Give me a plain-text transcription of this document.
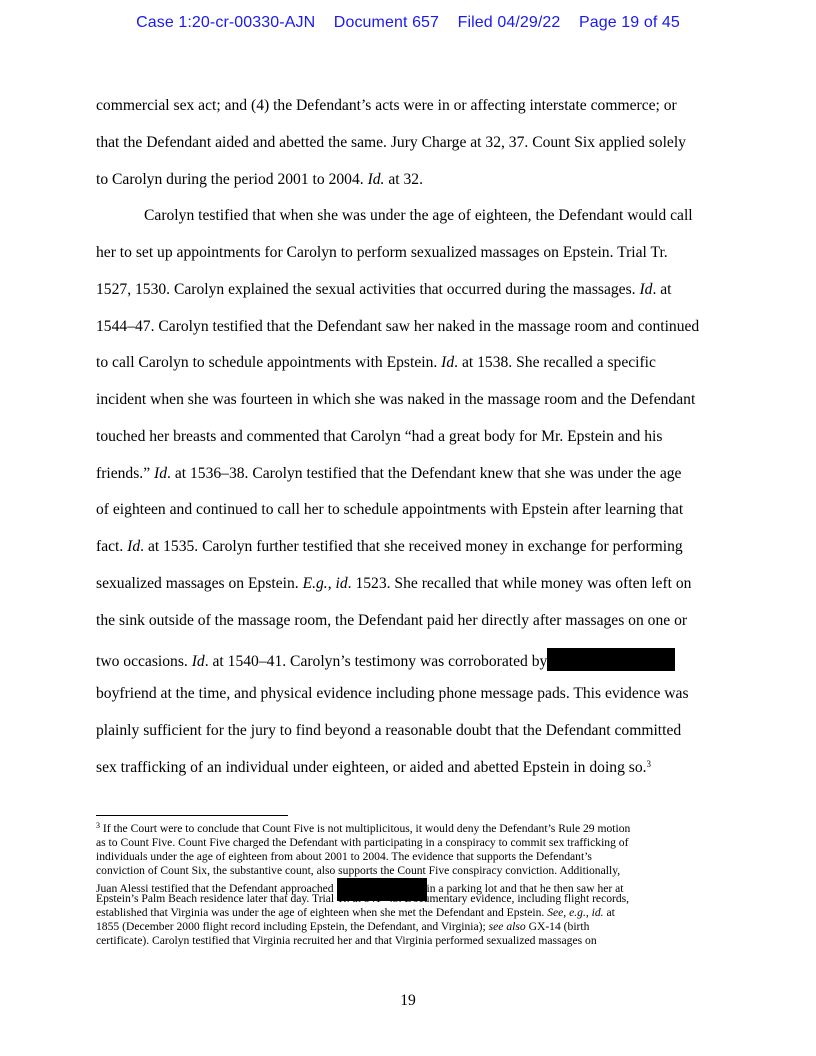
Case 1:20-cr-00330-AJN Document 657 Filed 04/29/22 Page 19 of 45
commercial sex act; and (4) the Defendant’s acts were in or affecting interstate commerce; or
that the Defendant aided and abetted the same. Jury Charge at 32, 37. Count Six applied solely
to Carolyn during the period 2001 to 2004. Id. at 32.
Carolyn testified that when she was under the age of eighteen, the Defendant would call
her to set up appointments for Carolyn to perform sexualized massages on Epstein. Trial Tr.
1527, 1530. Carolyn explained the sexual activities that occurred during the massages. Id. at
1544–47. Carolyn testified that the Defendant saw her naked in the massage room and continued
to call Carolyn to schedule appointments with Epstein. Id. at 1538. She recalled a specific
incident when she was fourteen in which she was naked in the massage room and the Defendant
touched her breasts and commented that Carolyn “had a great body for Mr. Epstein and his
friends.” Id. at 1536–38. Carolyn testified that the Defendant knew that she was under the age
of eighteen and continued to call her to schedule appointments with Epstein after learning that
fact. Id. at 1535. Carolyn further testified that she received money in exchange for performing
sexualized massages on Epstein. E.g., id. 1523. She recalled that while money was often left on
the sink outside of the massage room, the Defendant paid her directly after massages on one or
two occasions. Id. at 1540–41. Carolyn’s testimony was corroborated by
boyfriend at the time, and physical evidence including phone message pads. This evidence was
plainly sufficient for the jury to find beyond a reasonable doubt that the Defendant committed
sex trafficking of an individual under eighteen, or aided and abetted Epstein in doing so.$^3$
$^3$ If the Court were to conclude that Count Five is not multiplicitous, it would deny the Defendant’s Rule 29 motion
as to Count Five. Count Five charged the Defendant with participating in a conspiracy to commit sex trafficking of
individuals under the age of eighteen from about 2001 to 2004. The evidence that supports the Defendant’s
conviction of Count Six, the substantive count, also supports the Count Five conspiracy conviction. Additionally,
Juan Alessi testified that the Defendant approached	in a parking lot and that he then saw her at
Epstein’s Palm Beach residence later that day. Trial Tr. at 841–43. Documentary evidence, including flight records,
established that Virginia was under the age of eighteen when she met the Defendant and Epstein. See, e.g., id. at
1855 (December 2000 flight record including Epstein, the Defendant, and Virginia); see also GX-14 (birth
certificate). Carolyn testified that Virginia recruited her and that Virginia performed sexualized massages on
19
